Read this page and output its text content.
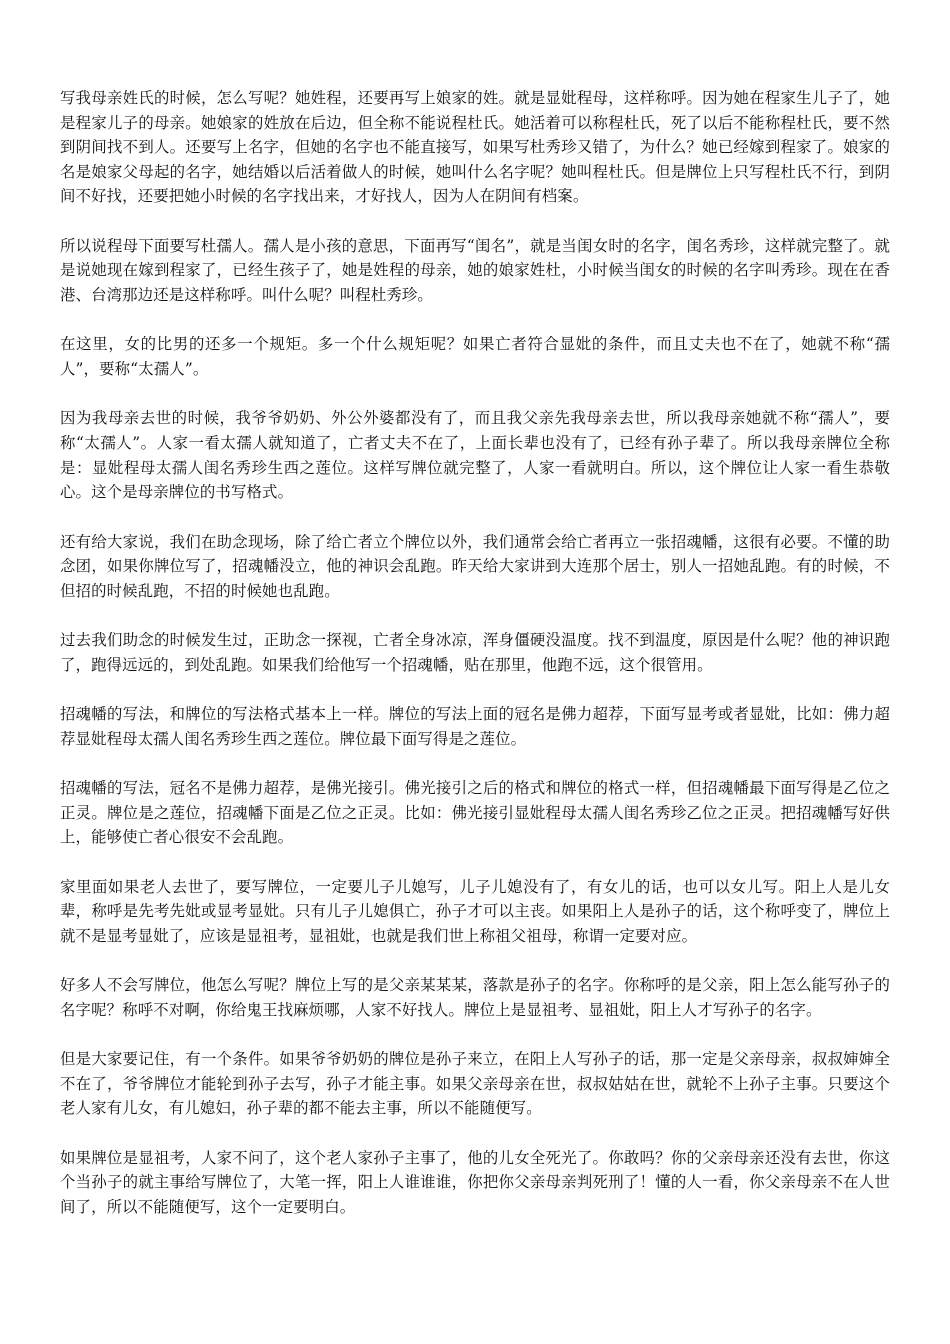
写我母亲姓氏的时候，怎么写呢？她姓程，还要再写上娘家的姓。就是显妣程母，这样称呼。因为她在程家生儿子了，她是程家儿子的母亲。她娘家的姓放在后边，但全称不能说程杜氏。她活着可以称程杜氏，死了以后不能称程杜氏，要不然到阴间找不到人。还要写上名字，但她的名字也不能直接写，如果写杜秀珍又错了，为什么？她已经嫁到程家了。娘家的名是娘家父母起的名字，她结婚以后活着做人的时候，她叫什么名字呢？她叫程杜氏。但是牌位上只写程杜氏不行，到阴间不好找，还要把她小时候的名字找出来，才好找人，因为人在阴间有档案。

所以说程母下面要写杜孺人。孺人是小孩的意思，下面再写“闺名”，就是当闺女时的名字，闺名秀珍，这样就完整了。就是说她现在嫁到程家了，已经生孩子了，她是姓程的母亲，她的娘家姓杜，小时候当闺女的时候的名字叫秀珍。现在在香港、台湾那边还是这样称呼。叫什么呢？叫程杜秀珍。

在这里，女的比男的还多一个规矩。多一个什么规矩呢？如果亡者符合显妣的条件，而且丈夫也不在了，她就不称“孺人”，要称“太孺人”。

因为我母亲去世的时候，我爷爷奶奶、外公外婆都没有了，而且我父亲先我母亲去世，所以我母亲她就不称“孺人”，要称“太孺人”。人家一看太孺人就知道了，亡者丈夫不在了，上面长辈也没有了，已经有孙子辈了。所以我母亲牌位全称是：显妣程母太孺人闺名秀珍生西之莲位。这样写牌位就完整了，人家一看就明白。所以，这个牌位让人家一看生恭敬心。这个是母亲牌位的书写格式。

还有给大家说，我们在助念现场，除了给亡者立个牌位以外，我们通常会给亡者再立一张招魂幡，这很有必要。不懂的助念团，如果你牌位写了，招魂幡没立，他的神识会乱跑。昨天给大家讲到大连那个居士，别人一招她乱跑。有的时候，不但招的时候乱跑，不招的时候她也乱跑。

过去我们助念的时候发生过，正助念一探视，亡者全身冰凉，浑身僵硬没温度。找不到温度，原因是什么呢？他的神识跑了，跑得远远的，到处乱跑。如果我们给他写一个招魂幡，贴在那里，他跑不远，这个很管用。

招魂幡的写法，和牌位的写法格式基本上一样。牌位的写法上面的冠名是佛力超荐，下面写显考或者显妣，比如：佛力超荐显妣程母太孺人闺名秀珍生西之莲位。牌位最下面写得是之莲位。

招魂幡的写法，冠名不是佛力超荐，是佛光接引。佛光接引之后的格式和牌位的格式一样，但招魂幡最下面写得是乙位之正灵。牌位是之莲位，招魂幡下面是乙位之正灵。比如：佛光接引显妣程母太孺人闺名秀珍乙位之正灵。把招魂幡写好供上，能够使亡者心很安不会乱跑。

家里面如果老人去世了，要写牌位，一定要儿子儿媳写，儿子儿媳没有了，有女儿的话，也可以女儿写。阳上人是儿女辈，称呼是先考先妣或显考显妣。只有儿子儿媳俱亡，孙子才可以主丧。如果阳上人是孙子的话，这个称呼变了，牌位上就不是显考显妣了，应该是显祖考，显祖妣，也就是我们世上称祖父祖母，称谓一定要对应。

好多人不会写牌位，他怎么写呢？牌位上写的是父亲某某某，落款是孙子的名字。你称呼的是父亲，阳上怎么能写孙子的名字呢？称呼不对啊，你给鬼王找麻烦哪，人家不好找人。牌位上是显祖考、显祖妣，阳上人才写孙子的名字。

但是大家要记住，有一个条件。如果爷爷奶奶的牌位是孙子来立，在阳上人写孙子的话，那一定是父亲母亲，叔叔婶婶全不在了，爷爷牌位才能轮到孙子去写，孙子才能主事。如果父亲母亲在世，叔叔姑姑在世，就轮不上孙子主事。只要这个老人家有儿女，有儿媳妇，孙子辈的都不能去主事，所以不能随便写。

如果牌位是显祖考，人家不问了，这个老人家孙子主事了，他的儿女全死光了。你敢吗？你的父亲母亲还没有去世，你这个当孙子的就主事给写牌位了，大笔一挥，阳上人谁谁谁，你把你父亲母亲判死刑了！懂的人一看，你父亲母亲不在人世间了，所以不能随便写，这个一定要明白。
